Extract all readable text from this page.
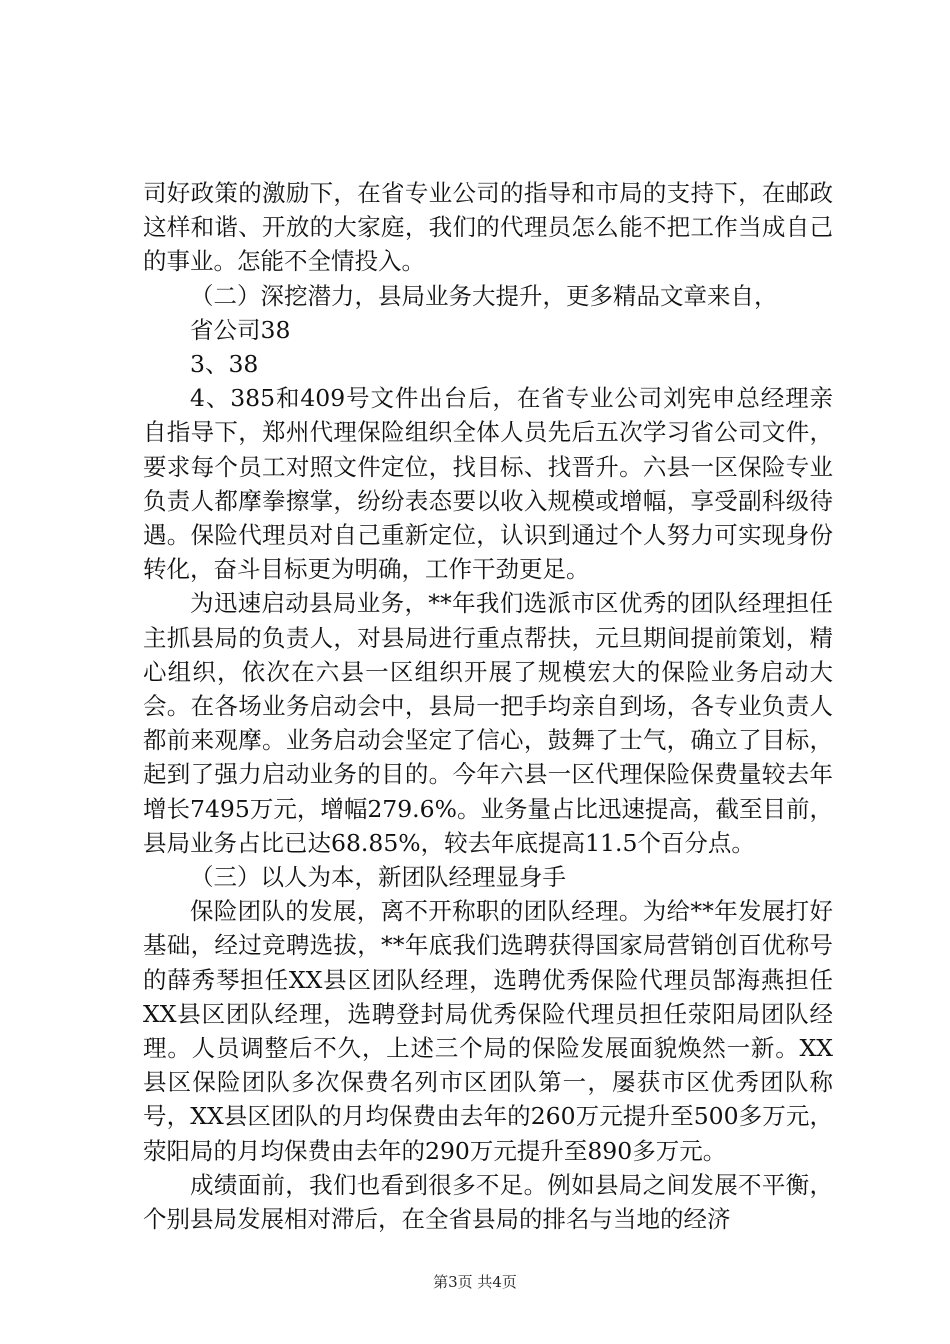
司好政策的激励下，在省专业公司的指导和市局的支持下，在邮政这样和谐、开放的大家庭，我们的代理员怎么能不把工作当成自己的事业。怎能不全情投入。

（二）深挖潜力，县局业务大提升，更多精品文章来自，

省公司38

3、38

4、385和409号文件出台后，在省专业公司刘宪申总经理亲自指导下，郑州代理保险组织全体人员先后五次学习省公司文件，要求每个员工对照文件定位，找目标、找晋升。六县一区保险专业负责人都摩拳擦掌，纷纷表态要以收入规模或增幅，享受副科级待遇。保险代理员对自己重新定位，认识到通过个人努力可实现身份转化，奋斗目标更为明确，工作干劲更足。

为迅速启动县局业务，**年我们选派市区优秀的团队经理担任主抓县局的负责人，对县局进行重点帮扶，元旦期间提前策划，精心组织，依次在六县一区组织开展了规模宏大的保险业务启动大会。在各场业务启动会中，县局一把手均亲自到场，各专业负责人都前来观摩。业务启动会坚定了信心，鼓舞了士气，确立了目标，起到了强力启动业务的目的。今年六县一区代理保险保费量较去年增长7495万元，增幅279.6%。业务量占比迅速提高，截至目前，县局业务占比已达68.85%，较去年底提高11.5个百分点。

（三）以人为本，新团队经理显身手

保险团队的发展，离不开称职的团队经理。为给**年发展打好基础，经过竞聘选拔，**年底我们选聘获得国家局营销创百优称号的薛秀琴担任XX县区团队经理，选聘优秀保险代理员郜海燕担任XX县区团队经理，选聘登封局优秀保险代理员担任荥阳局团队经理。人员调整后不久，上述三个局的保险发展面貌焕然一新。XX县区保险团队多次保费名列市区团队第一，屡获市区优秀团队称号，XX县区团队的月均保费由去年的260万元提升至500多万元，荥阳局的月均保费由去年的290万元提升至890多万元。

成绩面前，我们也看到很多不足。例如县局之间发展不平衡，个别县局发展相对滞后，在全省县局的排名与当地的经济

第3页 共4页
